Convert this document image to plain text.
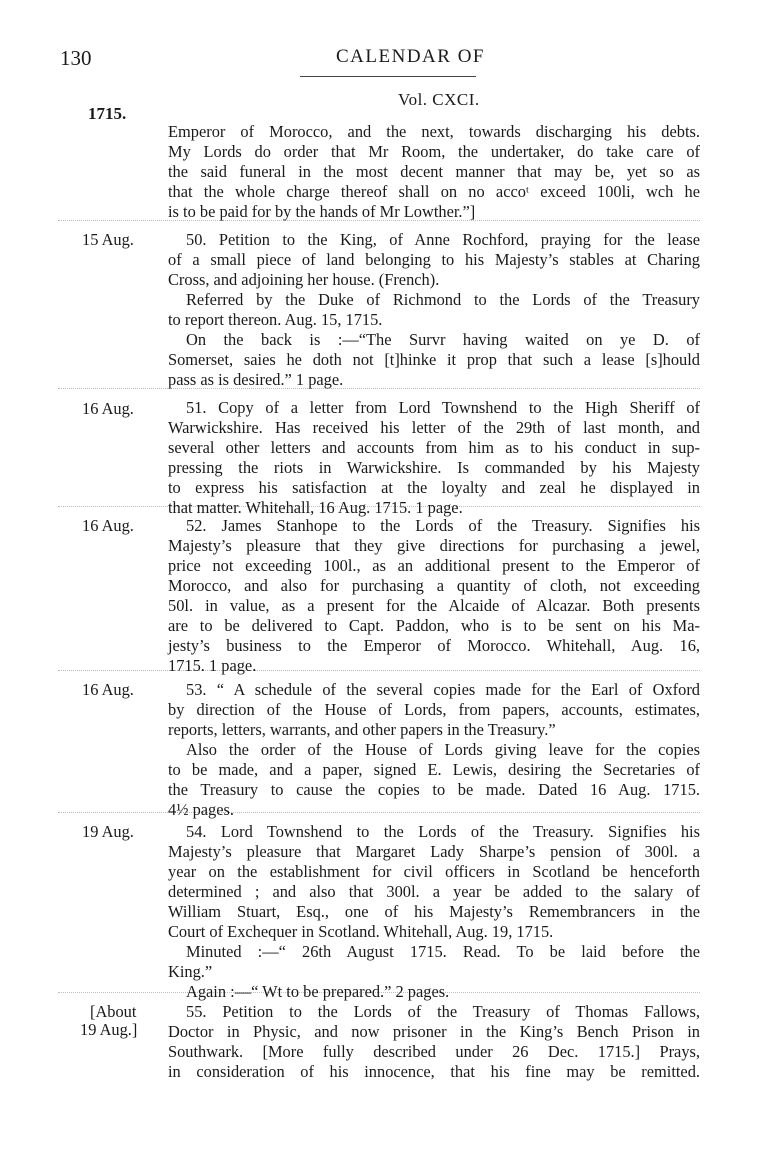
130	CALENDAR OF
Vol. CXCI.
1715.
15 Aug.
16 Aug.
16 Aug.
16 Aug.
19 Aug.
[About
19 Aug.]
Emperor of Morocco, and the next, towards discharging his debts.
My Lords do order that Mr Room, the undertaker, do take care of
the said funeral in the most decent manner that may be, yet so as
that the whole charge thereof shall on no accoᵗ exceed 100li, wch he
is to be paid for by the hands of Mr Lowther.”]
50. Petition to the King, of Anne Rochford, praying for the lease
of a small piece of land belonging to his Majesty’s stables at Charing
Cross, and adjoining her house. (French).
Referred by the Duke of Richmond to the Lords of the Treasury
to report thereon. Aug. 15, 1715.
On the back is :—“The Survr having waited on ye D. of
Somerset, saies he doth not [t]hinke it prop that such a lease [s]hould
pass as is desired.” 1 page.
51. Copy of a letter from Lord Townshend to the High Sheriff of
Warwickshire. Has received his letter of the 29th of last month, and
several other letters and accounts from him as to his conduct in sup-
pressing the riots in Warwickshire. Is commanded by his Majesty
to express his satisfaction at the loyalty and zeal he displayed in
that matter. Whitehall, 16 Aug. 1715. 1 page.
52. James Stanhope to the Lords of the Treasury. Signifies his
Majesty’s pleasure that they give directions for purchasing a jewel,
price not exceeding 100l., as an additional present to the Emperor of
Morocco, and also for purchasing a quantity of cloth, not exceeding
50l. in value, as a present for the Alcaide of Alcazar. Both presents
are to be delivered to Capt. Paddon, who is to be sent on his Ma-
jesty’s business to the Emperor of Morocco. Whitehall, Aug. 16,
1715. 1 page.
53. “ A schedule of the several copies made for the Earl of Oxford
by direction of the House of Lords, from papers, accounts, estimates,
reports, letters, warrants, and other papers in the Treasury.”
Also the order of the House of Lords giving leave for the copies
to be made, and a paper, signed E. Lewis, desiring the Secretaries of
the Treasury to cause the copies to be made. Dated 16 Aug. 1715.
4½ pages.
54. Lord Townshend to the Lords of the Treasury. Signifies his
Majesty’s pleasure that Margaret Lady Sharpe’s pension of 300l. a
year on the establishment for civil officers in Scotland be henceforth
determined ; and also that 300l. a year be added to the salary of
William Stuart, Esq., one of his Majesty’s Remembrancers in the
Court of Exchequer in Scotland. Whitehall, Aug. 19, 1715.
Minuted :—“ 26th August 1715. Read. To be laid before the
King.”
Again :—“ Wt to be prepared.” 2 pages.
55. Petition to the Lords of the Treasury of Thomas Fallows,
Doctor in Physic, and now prisoner in the King’s Bench Prison in
Southwark. [More fully described under 26 Dec. 1715.] Prays,
in consideration of his innocence, that his fine may be remitted.
